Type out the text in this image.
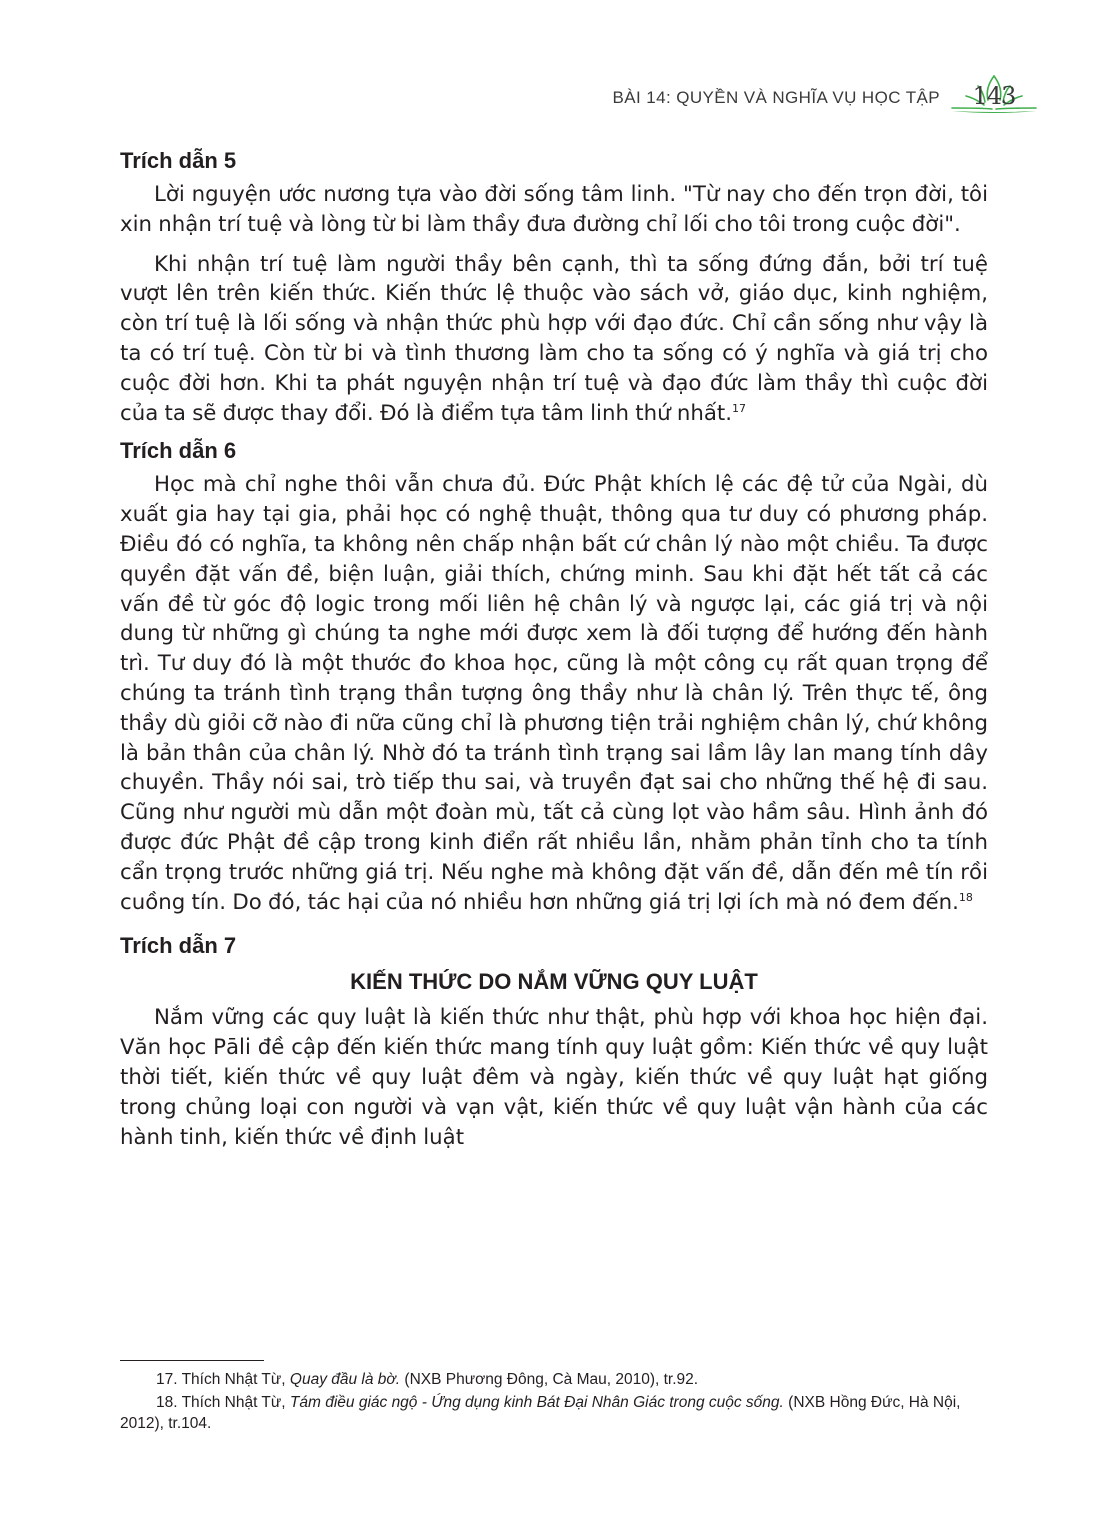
BÀI 14: QUYỀN VÀ NGHĨA VỤ HỌC TẬP	143
Trích dẫn 5

Lời nguyện ước nương tựa vào đời sống tâm linh. "Từ nay cho đến trọn đời, tôi xin nhận trí tuệ và lòng từ bi làm thầy đưa đường chỉ lối cho tôi trong cuộc đời".

Khi nhận trí tuệ làm người thầy bên cạnh, thì ta sống đứng đắn, bởi trí tuệ vượt lên trên kiến thức. Kiến thức lệ thuộc vào sách vở, giáo dục, kinh nghiệm, còn trí tuệ là lối sống và nhận thức phù hợp với đạo đức. Chỉ cần sống như vậy là ta có trí tuệ. Còn từ bi và tình thương làm cho ta sống có ý nghĩa và giá trị cho cuộc đời hơn. Khi ta phát nguyện nhận trí tuệ và đạo đức làm thầy thì cuộc đời của ta sẽ được thay đổi. Đó là điểm tựa tâm linh thứ nhất.$^{17}$

Trích dẫn 6

Học mà chỉ nghe thôi vẫn chưa đủ. Đức Phật khích lệ các đệ tử của Ngài, dù xuất gia hay tại gia, phải học có nghệ thuật, thông qua tư duy có phương pháp. Điều đó có nghĩa, ta không nên chấp nhận bất cứ chân lý nào một chiều. Ta được quyền đặt vấn đề, biện luận, giải thích, chứng minh. Sau khi đặt hết tất cả các vấn đề từ góc độ logic trong mối liên hệ chân lý và ngược lại, các giá trị và nội dung từ những gì chúng ta nghe mới được xem là đối tượng để hướng đến hành trì. Tư duy đó là một thước đo khoa học, cũng là một công cụ rất quan trọng để chúng ta tránh tình trạng thần tượng ông thầy như là chân lý. Trên thực tế, ông thầy dù giỏi cỡ nào đi nữa cũng chỉ là phương tiện trải nghiệm chân lý, chứ không là bản thân của chân lý. Nhờ đó ta tránh tình trạng sai lầm lây lan mang tính dây chuyền. Thầy nói sai, trò tiếp thu sai, và truyền đạt sai cho những thế hệ đi sau. Cũng như người mù dẫn một đoàn mù, tất cả cùng lọt vào hầm sâu. Hình ảnh đó được đức Phật đề cập trong kinh điển rất nhiều lần, nhằm phản tỉnh cho ta tính cẩn trọng trước những giá trị. Nếu nghe mà không đặt vấn đề, dẫn đến mê tín rồi cuồng tín. Do đó, tác hại của nó nhiều hơn những giá trị lợi ích mà nó đem đến.$^{18}$

Trích dẫn 7
KIẾN THỨC DO NẮM VỮNG QUY LUẬT

Nắm vững các quy luật là kiến thức như thật, phù hợp với khoa học hiện đại. Văn học Pāli đề cập đến kiến thức mang tính quy luật gồm: Kiến thức về quy luật thời tiết, kiến thức về quy luật đêm và ngày, kiến thức về quy luật hạt giống trong chủng loại con người và vạn vật, kiến thức về quy luật vận hành của các hành tinh, kiến thức về định luật

17. Thích Nhật Từ, Quay đầu là bờ. (NXB Phương Đông, Cà Mau, 2010), tr.92.

18. Thích Nhật Từ, Tám điều giác ngộ - Ứng dụng kinh Bát Đại Nhân Giác trong cuộc sống. (NXB Hồng Đức, Hà Nội, 2012), tr.104.
